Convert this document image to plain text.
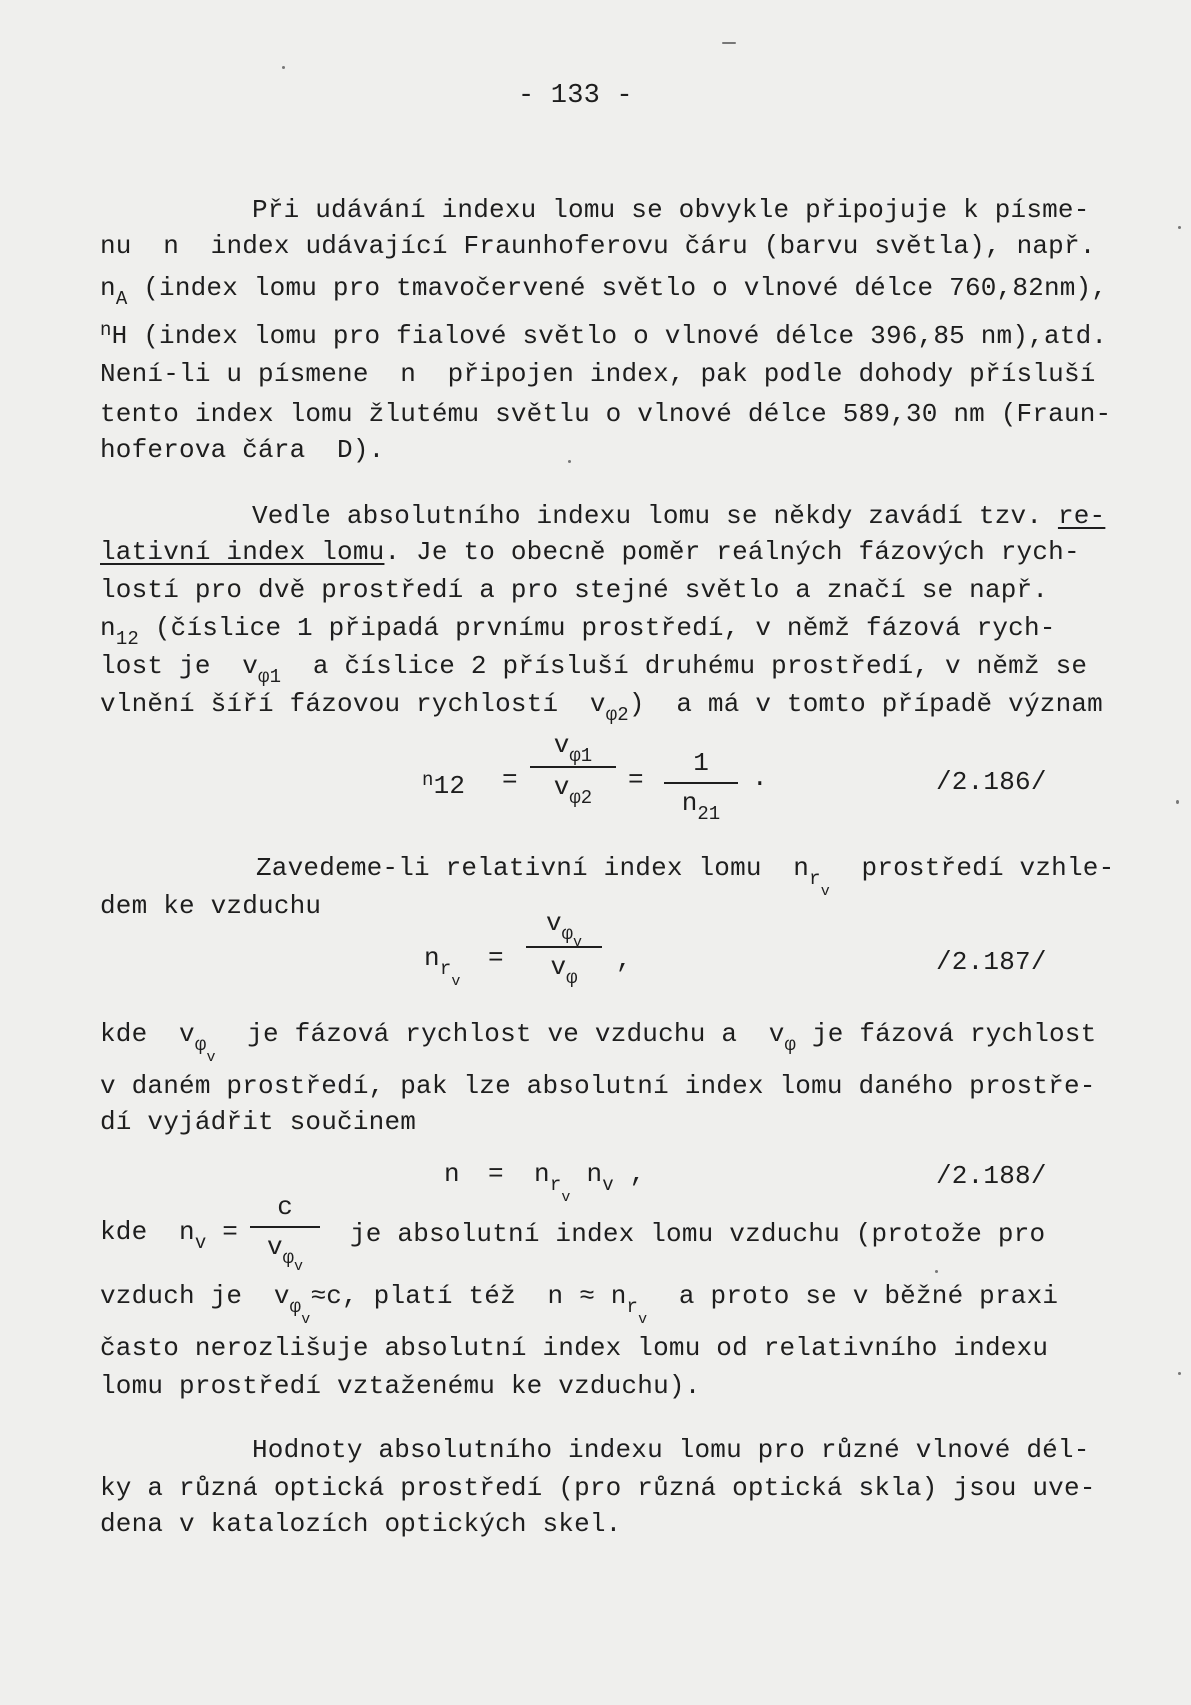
- 133 -
Při udávání indexu lomu se obvykle připojuje k písme-
nu  n  index udávající Fraunhoferovu čáru (barvu světla), např.
$n_A$ (index lomu pro tmavočervené světlo o vlnové délce 760,82nm),
$^n$H (index lomu pro fialové světlo o vlnové délce 396,85 nm),atd.
Není-li u písmene  n  připojen index, pak podle dohody přísluší
tento index lomu žlutému světlu o vlnové délce 589,30 nm (Fraun-
hoferova čára  D).
Vedle absolutního indexu lomu se někdy zavádí tzv. re-
lativní index lomu. Je to obecně poměr reálných fázových rych-
lostí pro dvě prostředí a pro stejné světlo a značí se např.
$n_{12}$ (číslice 1 připadá prvnímu prostředí, v němž fázová rych-
lost je  $v_{\varphi 1}$  a číslice 2 přísluší druhému prostředí, v němž se
vlnění šíří fázovou rychlostí  $v_{\varphi 2}$)  a má v tomto případě význam
$^n$12 =
$v_{\varphi 1}$
$v_{\varphi 2}$
=
1
$n_{21}$
.	/2.186/
Zavedeme-li relativní index lomu  $n_{rv}$  prostředí vzhle-
dem ke vzduchu
$n_{rv}$
=
$v_{\varphi v}$
$v_\varphi$
,	/2.187/
kde  $v_{\varphi v}$  je fázová rychlost ve vzduchu a  $v_\varphi$ je fázová rychlost
v daném prostředí, pak lze absolutní index lomu daného prostře-
dí vyjádřit součinem
$n = n_{rv}$ $n_v$ ,	/2.188/
kde  $n_v$ =
c
$v_{\varphi v}$
je absolutní index lomu vzduchu (protože pro
vzduch je  $v_{\varphi v}\approx c$, platí též  $n \approx n_{rv}$  a proto se v běžné praxi
často nerozlišuje absolutní index lomu od relativního indexu
lomu prostředí vztaženému ke vzduchu).
Hodnoty absolutního indexu lomu pro různé vlnové dél-
ky a různá optická prostředí (pro různá optická skla) jsou uve-
dena v katalozích optických skel.
